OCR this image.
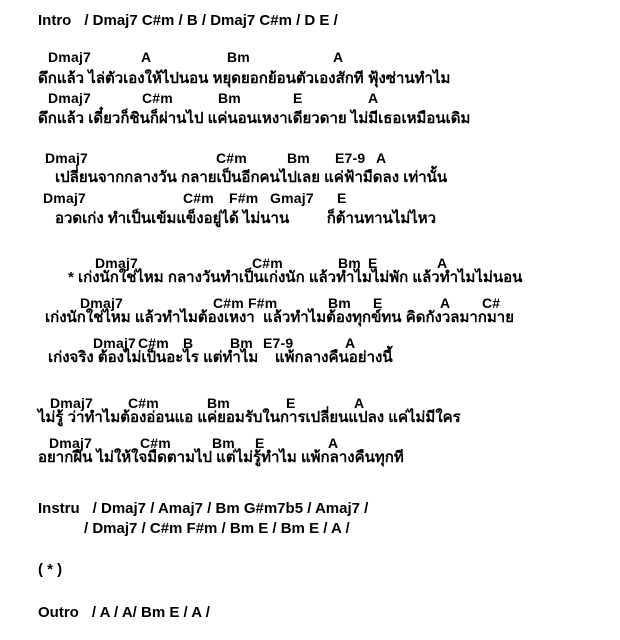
Intro / Dmaj7 C#m / B / Dmaj7 C#m / D E /
Dmaj7	A	Bm	A
ดึกแล้ว ไล่ตัวเองให้ไปนอน หยุดยอกย้อนตัวเองสักที ฟุ้งซ่านทำไม
Dmaj7	C#m	Bm	E	A
ดึกแล้ว เดี๋ยวก็ชินก็ผ่านไป แค่นอนเหงาเดียวดาย ไม่มีเธอเหมือนเดิม
Dmaj7	C#m	Bm E7-9 A
เปลี่ยนจากกลางวัน กลายเป็นอีกคนไปเลย แค่ฟ้ามืดลง เท่านั้น
Dmaj7	C#m F#m Gmaj7 E
อวดเก่ง ทำเป็นเข้มแข็งอยู่ได้ ไม่นาน         ก็ต้านทานไม่ไหว
Dmaj7	C#m	Bm E	A
* เก่งนักใช่ไหม กลางวันทำเป็นเก่งนัก แล้วทำไมไม่พัก แล้วทำไมไม่นอน
Dmaj7	C#m F#m	Bm E	A C#
เก่งนักใช่ไหม แล้วทำไมต้องเหงา  แล้วทำไมต้องทุกข์ทน คิดกังวลมากมาย
Dmaj7 C#m B	Bm E7-9	A
เก่งจริง ต้องไม่เป็นอะไร แต่ทำไม    แพ้กลางคืนอย่างนี้
Dmaj7 C#m	Bm	E	A
ไม่รู้ ว่าทำไมต้องอ่อนแอ แค่ยอมรับในการเปลี่ยนแปลง แค่ไม่มีใคร
Dmaj7	C#m	Bm E	A
อยากฝืน ไม่ให้ใจมืดตามไป แต่ไม่รู้ทำไม แพ้กลางคืนทุกที
Instru / Dmaj7 / Amaj7 / Bm G#m7b5 / Amaj7 /
/ Dmaj7 / C#m F#m / Bm E / Bm E / A /
( * )
Outro / A / A/ Bm E / A /
